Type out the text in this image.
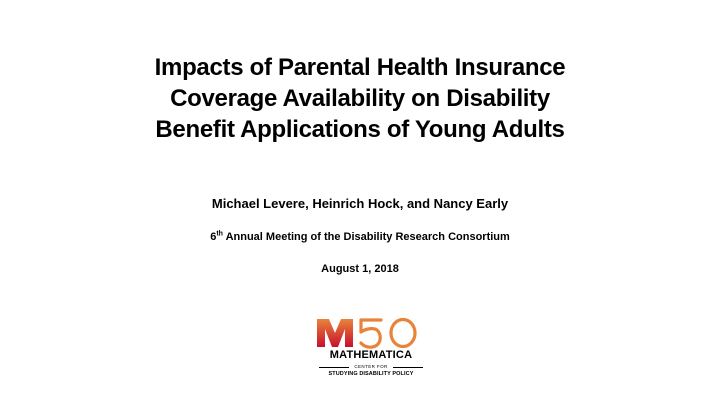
Impacts of Parental Health Insurance
Coverage Availability on Disability
Benefit Applications of Young Adults
Michael Levere, Heinrich Hock, and Nancy Early
6th Annual Meeting of the Disability Research Consortium
August 1, 2018
MATHEMATICA
CENTER FOR
STUDYING DISABILITY POLICY
